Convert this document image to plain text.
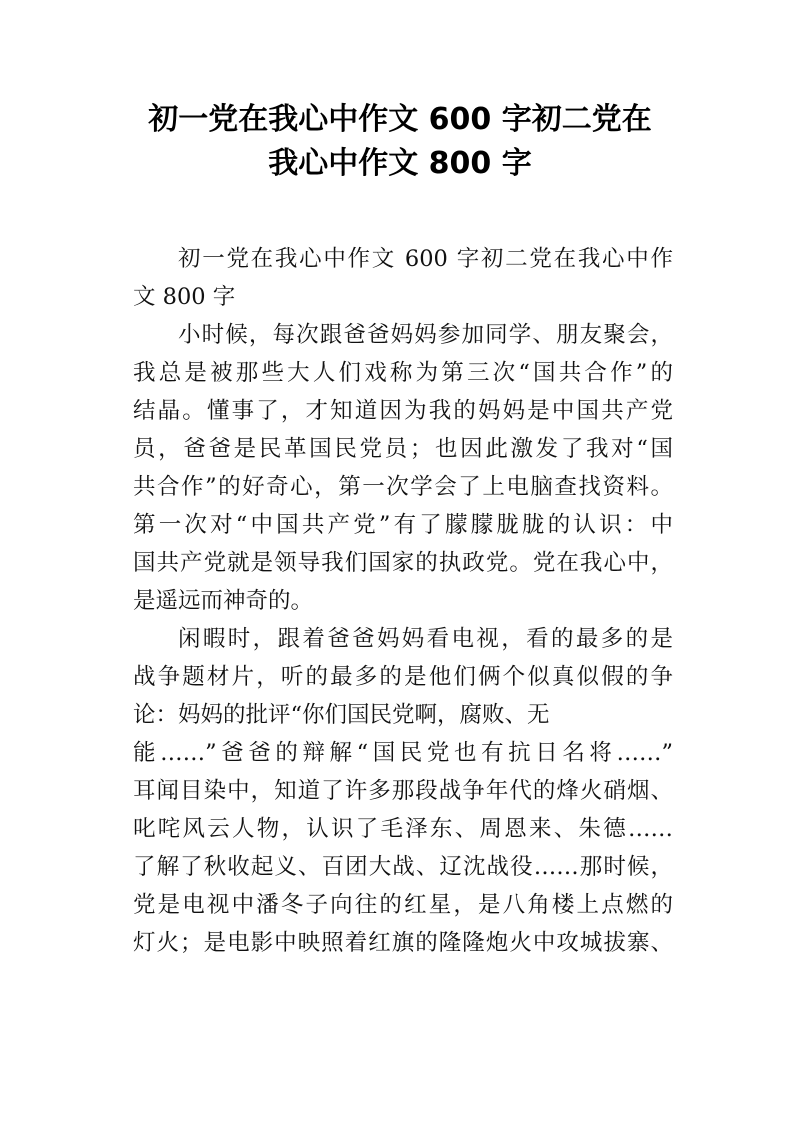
初一党在我心中作文 600 字初二党在
我心中作文 800 字

初一党在我心中作文 600 字初二党在我心中作
文 800 字

小时候，每次跟爸爸妈妈参加同学、朋友聚会，
我总是被那些大人们戏称为第三次“国共合作”的
结晶。懂事了，才知道因为我的妈妈是中国共产党
员，爸爸是民革国民党员；也因此激发了我对“国
共合作”的好奇心，第一次学会了上电脑查找资料。
第一次对“中国共产党”有了朦朦胧胧的认识：中
国共产党就是领导我们国家的执政党。党在我心中，
是遥远而神奇的。

闲暇时，跟着爸爸妈妈看电视，看的最多的是
战争题材片，听的最多的是他们俩个似真似假的争
论：妈妈的批评“你们国民党啊，腐败、无
能……”爸爸的辩解“国民党也有抗日名将……”
耳闻目染中，知道了许多那段战争年代的烽火硝烟、
叱咤风云人物，认识了毛泽东、周恩来、朱德……
了解了秋收起义、百团大战、辽沈战役……那时候，
党是电视中潘冬子向往的红星，是八角楼上点燃的
灯火；是电影中映照着红旗的隆隆炮火中攻城拔寨、
